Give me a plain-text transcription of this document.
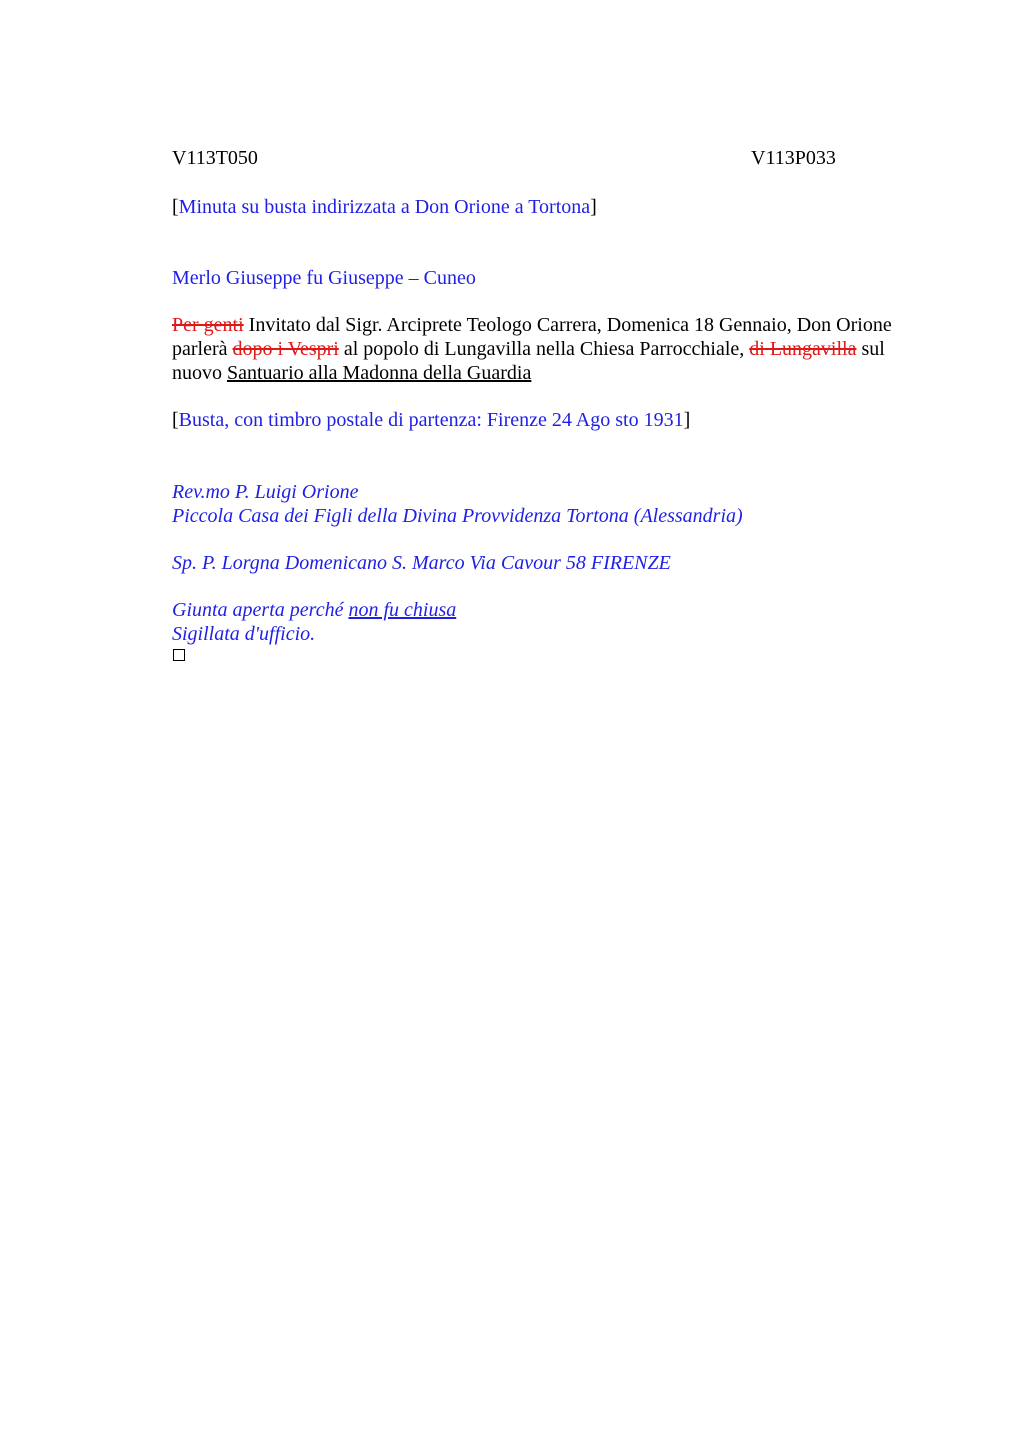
V113T050	V113P033
[Minuta su busta indirizzata a Don Orione a Tortona]
Merlo Giuseppe fu Giuseppe – Cuneo
Per genti Invitato dal Sigr. Arciprete Teologo Carrera, Domenica 18 Gennaio, Don Orione
parlerà dopo i Vespri al popolo di Lungavilla nella Chiesa Parrocchiale, di Lungavilla sul
nuovo Santuario alla Madonna della Guardia
[Busta, con timbro postale di partenza: Firenze 24 Ago sto 1931]
Rev.mo P. Luigi Orione
Piccola Casa dei Figli della Divina Provvidenza Tortona (Alessandria)
Sp. P. Lorgna Domenicano S. Marco Via Cavour 58 FIRENZE
Giunta aperta perché non fu chiusa
Sigillata d'ufficio.
